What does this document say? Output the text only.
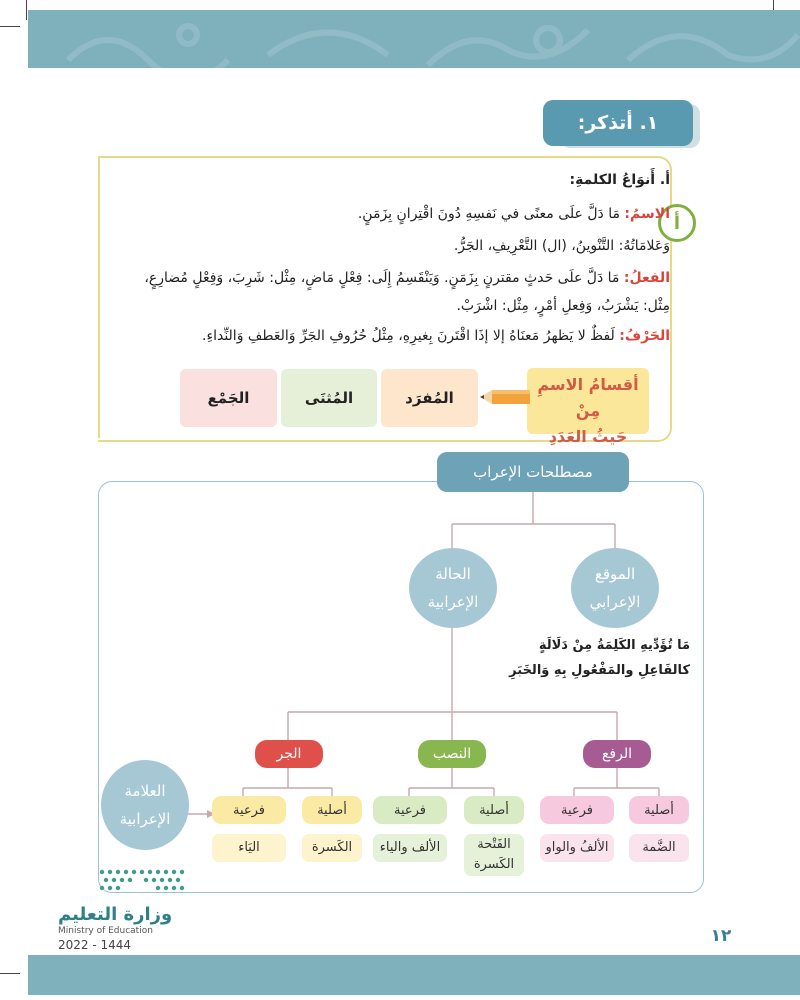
١. أتذكر:
أ
أ. أَنوَاعُ الكلمةِ:
الاسمُ: مَا دَلَّ علَى معنًى في نَفسِهِ دُونَ اقْتِرانٍ بِزَمَنٍ.
وَعَلامَاتُهُ: التَّنْوينُ، (ال) التَّعْرِيفِ، الجَرُّ.
الفعلُ: مَا دَلَّ علَى حَدثٍ مقترنٍ بِزَمَنٍ. وَيَنْقَسِمُ إِلَى: فِعْلٍ مَاضٍ، مِثْل: شَرِبَ، وَفِعْلٍ مُضارِعٍ،
مِثْل: يَشْرَبُ، وَفِعلِ أمْرٍ، مِثْل: اشْرَبْ.
الحَرْفُ: لَفظٌ لا يَظهرُ مَعنَاهُ إلا إذَا اقْتَرنَ بِغيرِهِ، مِثْلُ حُرُوفِ الجَرِّ وَالعَطفِ وَالنِّداءِ.
أقسامُ الاسمِ مِنْ
حَيثُ العَدَدِ
المُفرَد
المُثنَى
الجَمْع
مصطلحات الإعراب
الحالة
الإعرابية
الموقع
الإعرابي
مَا تُؤَدِّيهِ الكَلِمَةُ مِنْ دَلَالَةٍ
كالفَاعِلِ والمَفْعُولِ بِهِ وَالخَبَرِ
العلامة
الإعرابية
الرفع
النصب
الجر
أصلية
فرعية
الضَّمة
الألفُ والواو
أصلية
فرعية
الفَتْحة الكَسرة
الألف والياء
أصلية
فرعية
الكَسرة
اليَاء
وزارة التعليم
Ministry of Education
2022 - 1444	١٢
